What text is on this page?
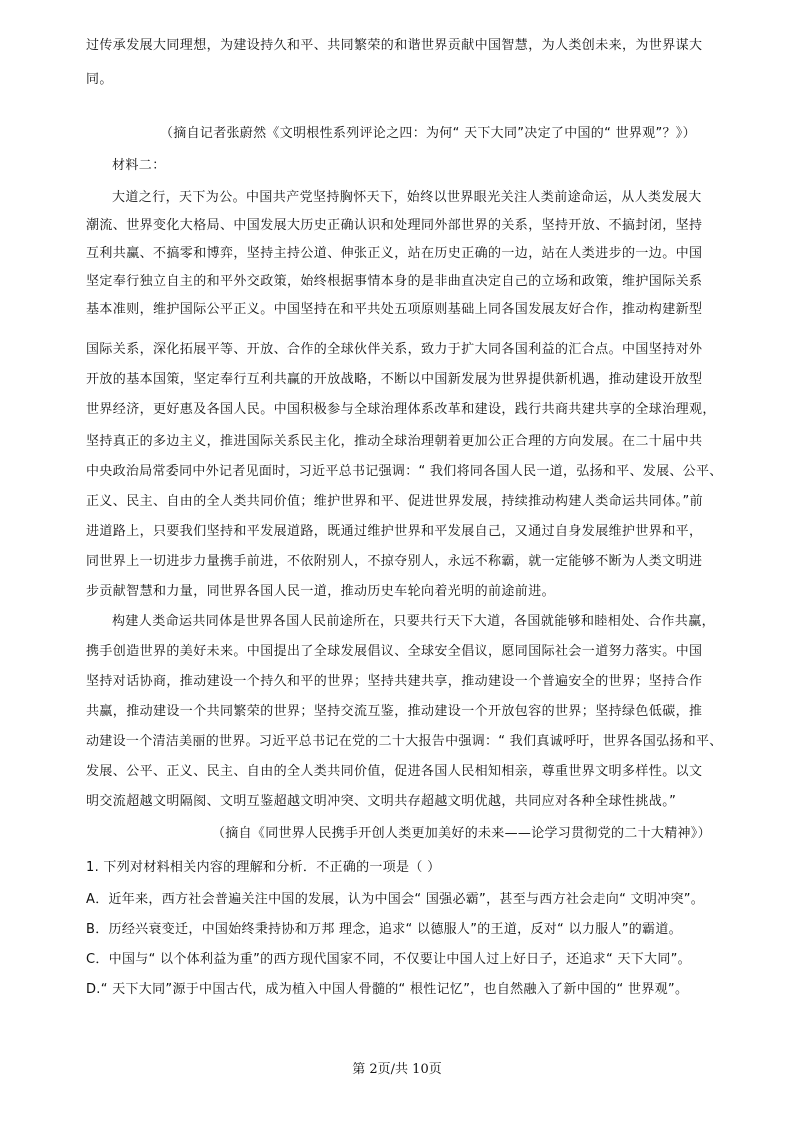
过传承发展大同理想，为建设持久和平、共同繁荣的和谐世界贡献中国智慧，为人类创未来，为世界谋大
同。
（摘自记者张蔚然《文明根性系列评论之四：为何“ 天下大同”决定了中国的“ 世界观”？》）
材料二：
大道之行，天下为公。中国共产党坚持胸怀天下，始终以世界眼光关注人类前途命运，从人类发展大
潮流、世界变化大格局、中国发展大历史正确认识和处理同外部世界的关系，坚持开放、不搞封闭，坚持
互利共赢、不搞零和博弈，坚持主持公道、伸张正义，站在历史正确的一边，站在人类进步的一边。中国
坚定奉行独立自主的和平外交政策，始终根据事情本身的是非曲直决定自己的立场和政策，维护国际关系
基本准则，维护国际公平正义。中国坚持在和平共处五项原则基础上同各国发展友好合作，推动构建新型
国际关系，深化拓展平等、开放、合作的全球伙伴关系，致力于扩大同各国利益的汇合点。中国坚持对外
开放的基本国策，坚定奉行互利共赢的开放战略，不断以中国新发展为世界提供新机遇，推动建设开放型
世界经济，更好惠及各国人民。中国积极参与全球治理体系改革和建设，践行共商共建共享的全球治理观，
坚持真正的多边主义，推进国际关系民主化，推动全球治理朝着更加公正合理的方向发展。在二十届中共
中央政治局常委同中外记者见面时，习近平总书记强调：“ 我们将同各国人民一道，弘扬和平、发展、公平、
正义、民主、自由的全人类共同价值；维护世界和平、促进世界发展，持续推动构建人类命运共同体。”前
进道路上，只要我们坚持和平发展道路，既通过维护世界和平发展自己，又通过自身发展维护世界和平，
同世界上一切进步力量携手前进，不依附别人，不掠夺别人，永远不称霸，就一定能够不断为人类文明进
步贡献智慧和力量，同世界各国人民一道，推动历史车轮向着光明的前途前进。
构建人类命运共同体是世界各国人民前途所在，只要共行天下大道，各国就能够和睦相处、合作共赢，
携手创造世界的美好未来。中国提出了全球发展倡议、全球安全倡议，愿同国际社会一道努力落实。中国
坚持对话协商，推动建设一个持久和平的世界；坚持共建共享，推动建设一个普遍安全的世界；坚持合作
共赢，推动建设一个共同繁荣的世界；坚持交流互鉴，推动建设一个开放包容的世界；坚持绿色低碳，推
动建设一个清洁美丽的世界。习近平总书记在党的二十大报告中强调：“ 我们真诚呼吁，世界各国弘扬和平、
发展、公平、正义、民主、自由的全人类共同价值，促进各国人民相知相亲，尊重世界文明多样性。以文
明交流超越文明隔阂、文明互鉴超越文明冲突、文明共存超越文明优越，共同应对各种全球性挑战。”
（摘自《同世界人民携手开创人类更加美好的未来——论学习贯彻党的二十大精神》）
1. 下列对材料相关内容的理解和分析．不正确的一项是（ ）
A．近年来，西方社会普遍关注中国的发展，认为中国会“ 国强必霸”，甚至与西方社会走向“ 文明冲突”。
B．历经兴衰变迁，中国始终秉持协和万邦 理念，追求“ 以德服人”的王道，反对“ 以力服人”的霸道。
C．中国与“ 以个体利益为重”的西方现代国家不同，不仅要让中国人过上好日子，还追求“ 天下大同”。
D.“ 天下大同”源于中国古代，成为植入中国人骨髓的“ 根性记忆”，也自然融入了新中国的“ 世界观”。
第 2页/共 10页
